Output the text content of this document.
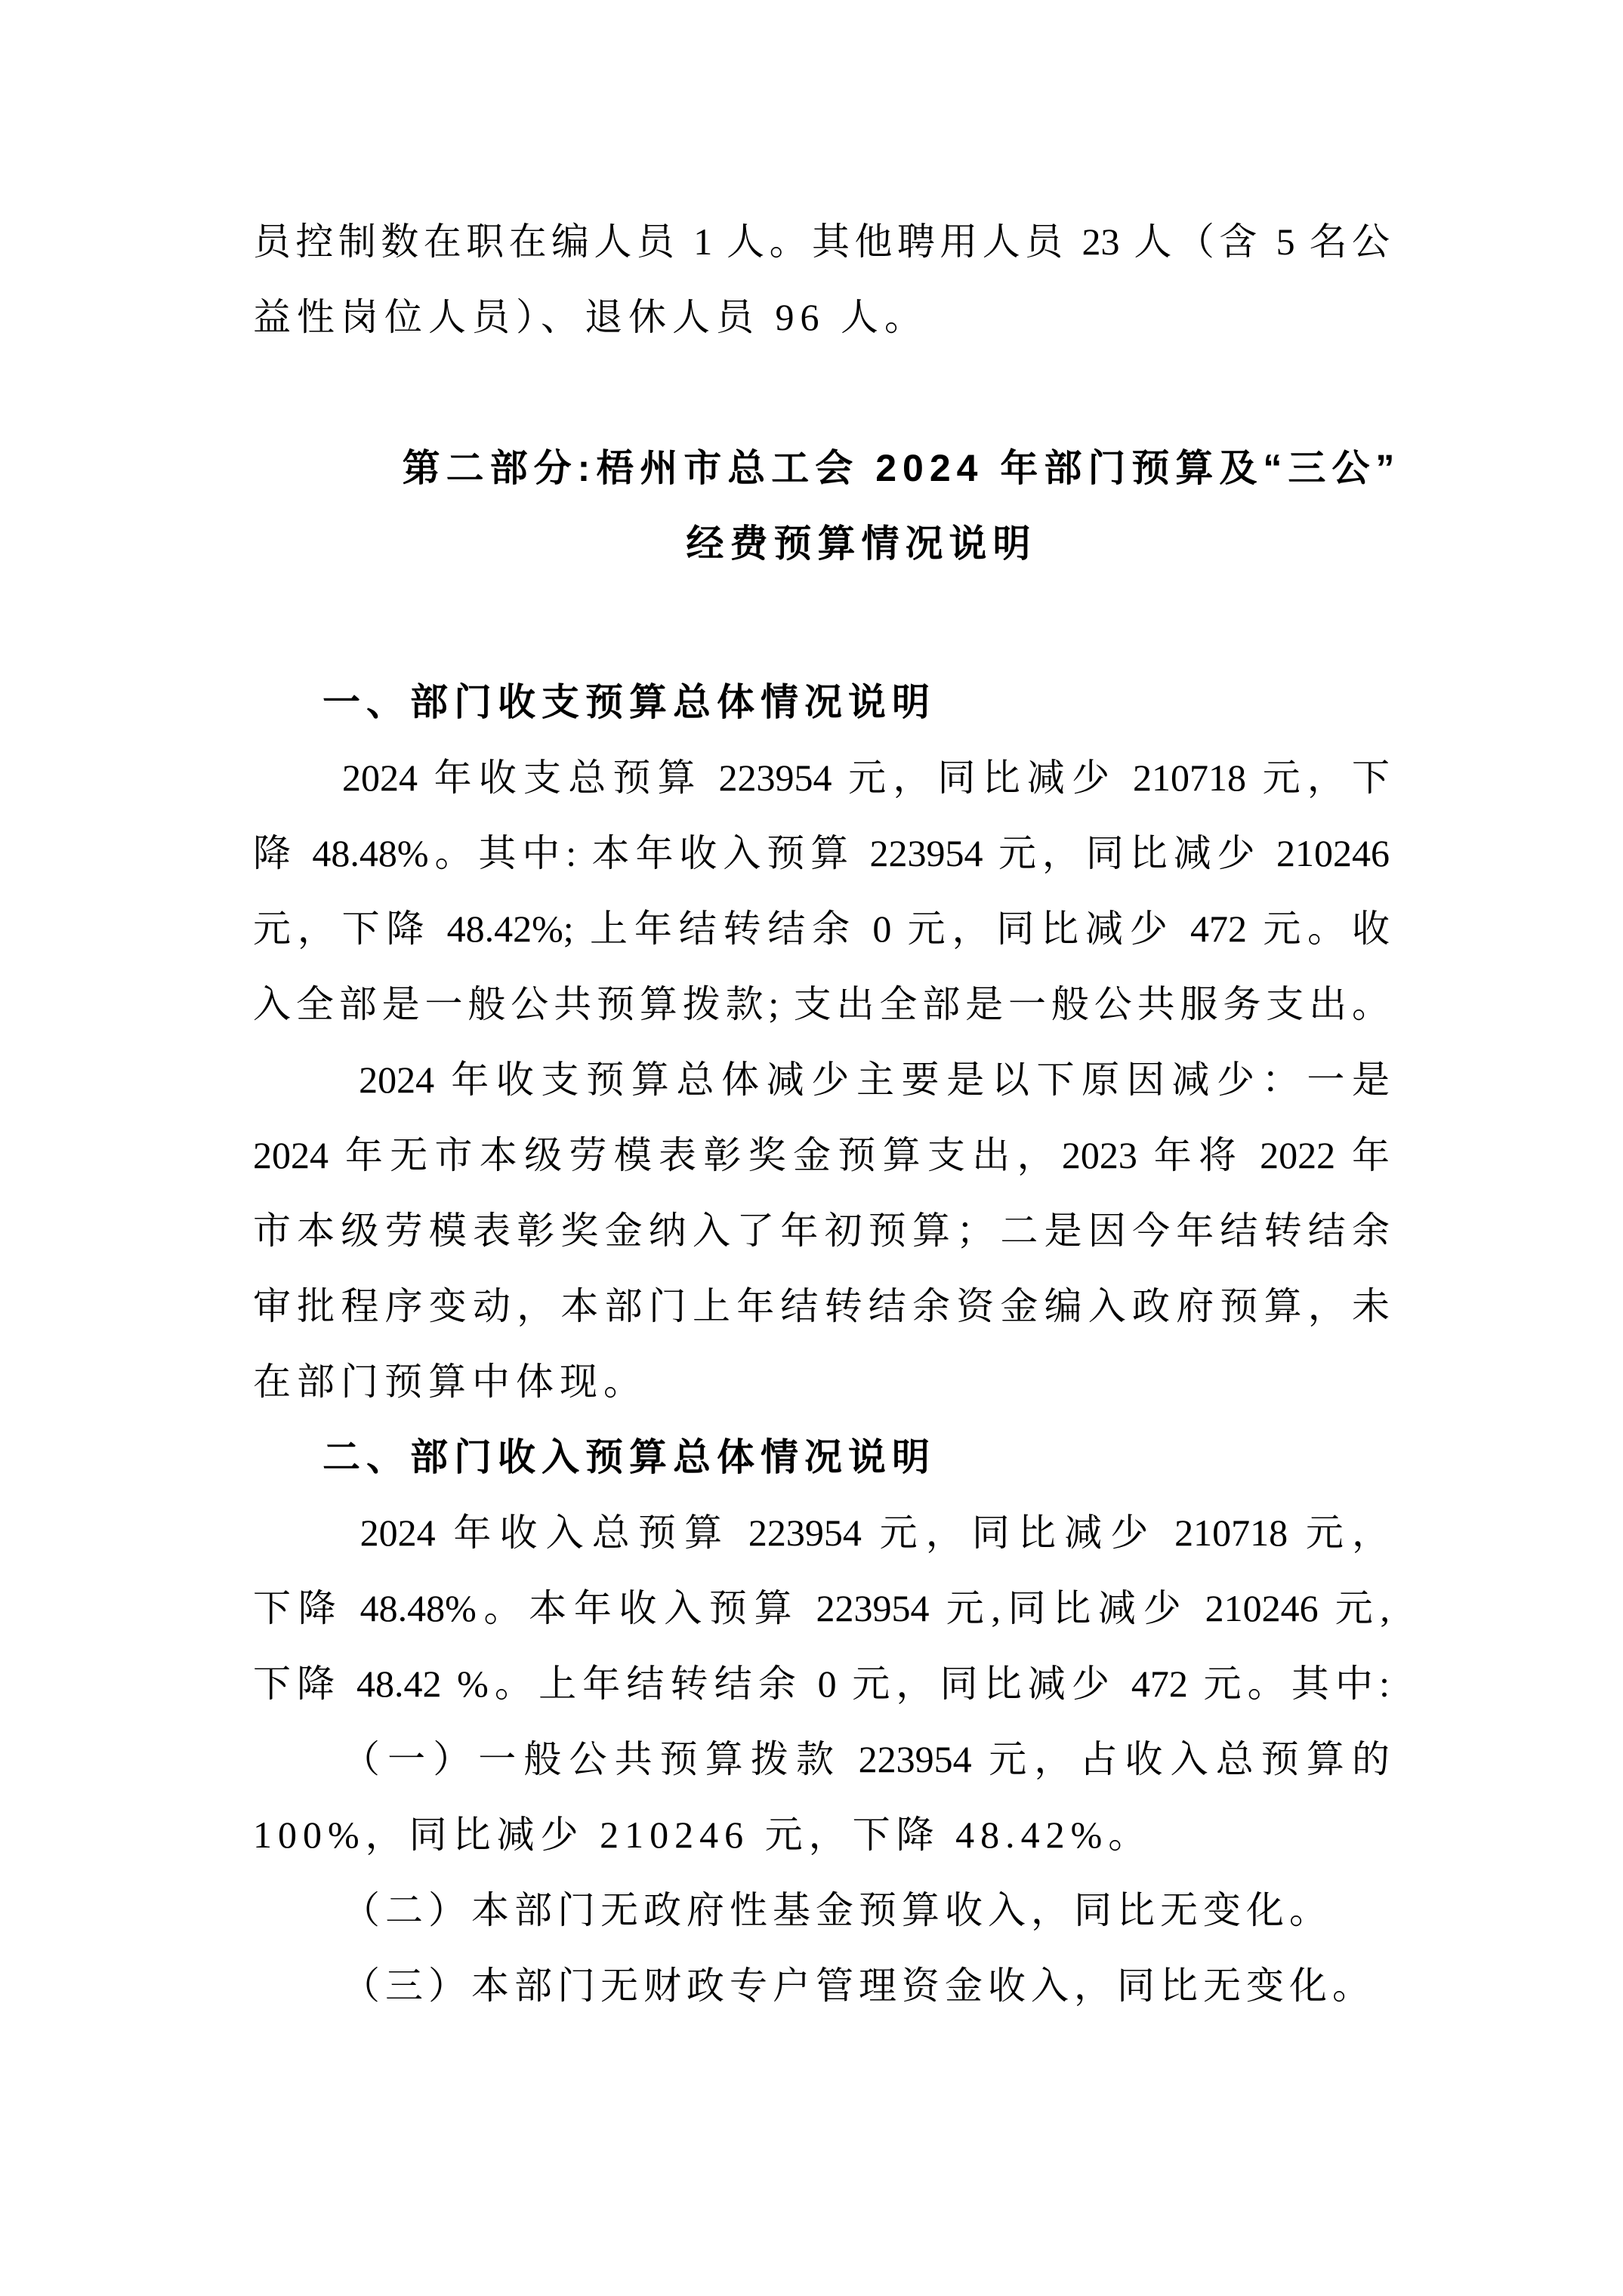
员控制数在职在编人员 1 人。其他聘用人员 23 人（含 5 名公
益性岗位人员）、退休人员 96 人。
第二部分:梧州市总工会 2024 年部门预算及“三公”
经费预算情况说明
一、部门收支预算总体情况说明
2024 年收支总预算 223954 元，同比减少 210718 元，下
降 48.48%。其中: 本年收入预算 223954 元，同比减少 210246
元，下降 48.42%; 上年结转结余 0 元，同比减少 472 元。收
入全部是一般公共预算拨款; 支出全部是一般公共服务支出。
2024 年收支预算总体减少主要是以下原因减少：一是
2024 年无市本级劳模表彰奖金预算支出，2023 年将 2022 年
市本级劳模表彰奖金纳入了年初预算；二是因今年结转结余
审批程序变动，本部门上年结转结余资金编入政府预算，未
在部门预算中体现。
二、部门收入预算总体情况说明
2024 年收入总预算 223954 元，同比减少 210718 元，
下降 48.48%。本年收入预算 223954 元,同比减少 210246 元,
下降 48.42 %。上年结转结余 0 元，同比减少 472 元。其中:
（一）一般公共预算拨款 223954 元，占收入总预算的
100%，同比减少 210246 元，下降 48.42%。
（二）本部门无政府性基金预算收入，同比无变化。
（三）本部门无财政专户管理资金收入，同比无变化。
